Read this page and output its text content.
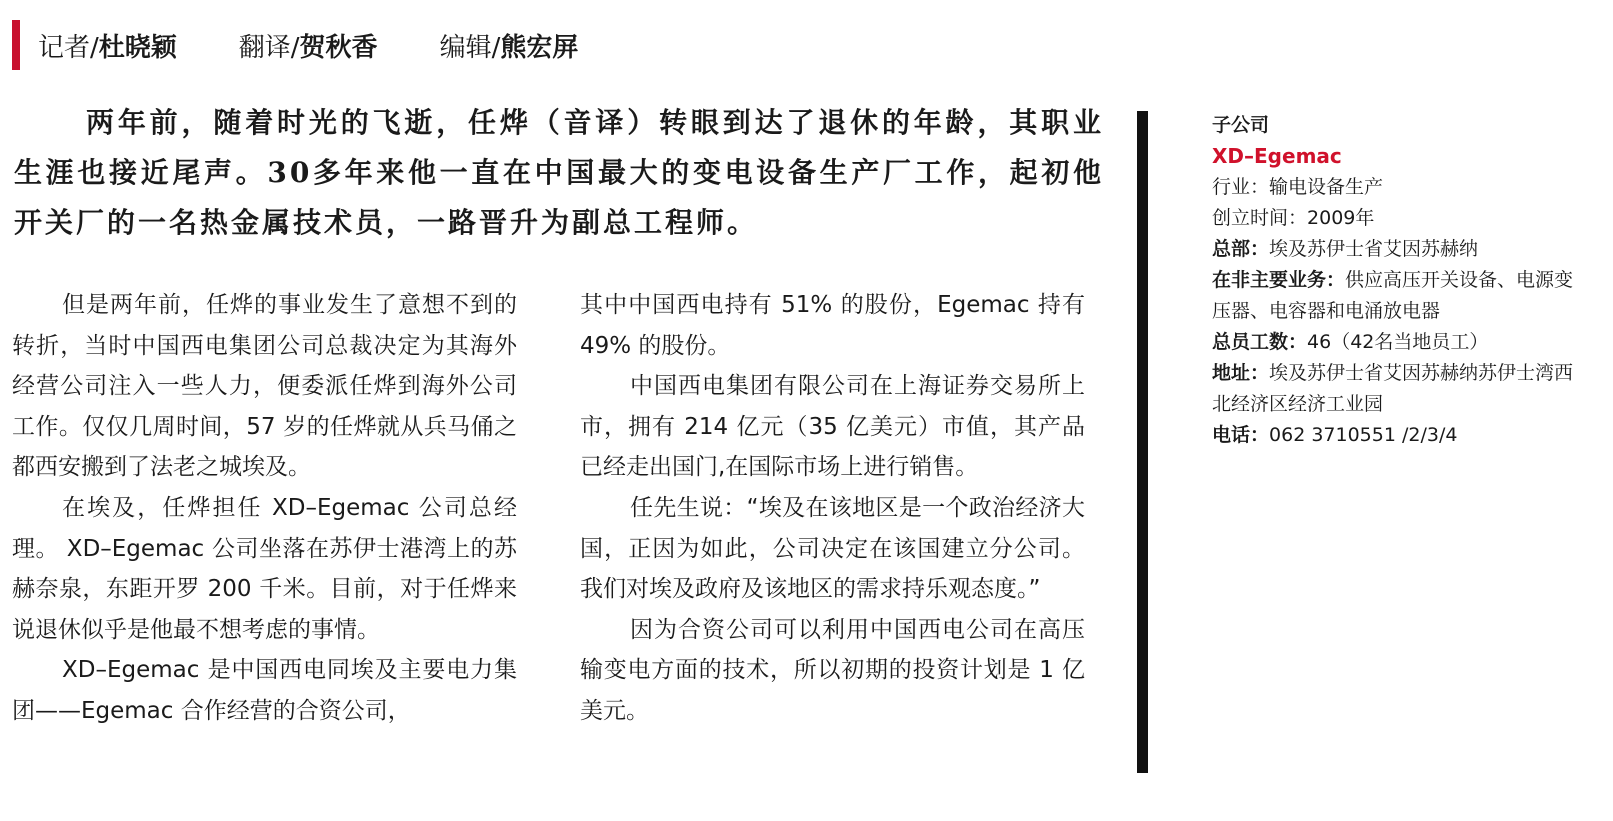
记者/杜晓颖 翻译/贺秋香 编辑/熊宏屏

两年前，随着时光的飞逝，任烨（音译）转眼到达了退休的年龄，其职业生涯也接近尾声。30多年来他一直在中国最大的变电设备生产厂工作，起初他开关厂的一名热金属技术员，一路晋升为副总工程师。

但是两年前，任烨的事业发生了意想不到的转折，当时中国西电集团公司总裁决定为其海外经营公司注入一些人力，便委派任烨到海外公司工作。仅仅几周时间，57 岁的任烨就从兵马俑之都西安搬到了法老之城埃及。

在埃及，任烨担任 XD–Egemac 公司总经理。 XD–Egemac 公司坐落在苏伊士港湾上的苏赫奈泉，东距开罗 200 千米。目前，对于任烨来说退休似乎是他最不想考虑的事情。

XD–Egemac 是中国西电同埃及主要电力集团——Egemac 合作经营的合资公司，

其中中国西电持有 51% 的股份，Egemac 持有 49% 的股份。

中国西电集团有限公司在上海证券交易所上市，拥有 214 亿元（35 亿美元）市值，其产品已经走出国门,在国际市场上进行销售。

任先生说：“埃及在该地区是一个政治经济大国，正因为如此，公司决定在该国建立分公司。我们对埃及政府及该地区的需求持乐观态度。”

因为合资公司可以利用中国西电公司在高压输变电方面的技术，所以初期的投资计划是 1 亿美元。

子公司
XD–Egemac
行业：输电设备生产
创立时间：2009年
总部：埃及苏伊士省艾因苏赫纳
在非主要业务：供应高压开关设备、电源变压器、电容器和电涌放电器
总员工数：46（42名当地员工）
地址：埃及苏伊士省艾因苏赫纳苏伊士湾西北经济区经济工业园
电话：062 3710551 /2/3/4
